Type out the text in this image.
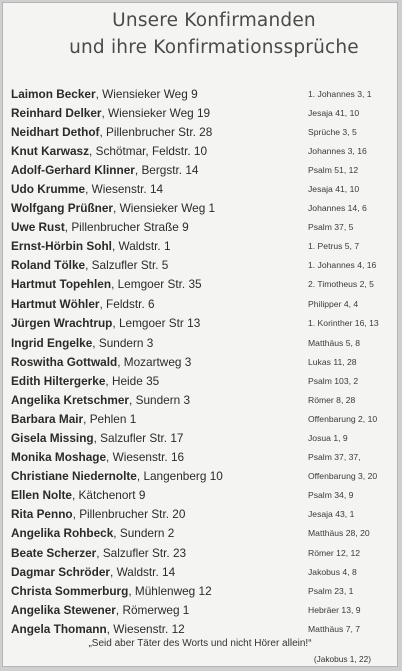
Unsere Konfirmanden
und ihre Konfirmationssprüche
Laimon Becker, Wiensieker Weg 9	1. Johannes 3, 1
Reinhard Delker, Wiensieker Weg 19	Jesaja 41, 10
Neidhart Dethof, Pillenbrucher Str. 28	Sprüche 3, 5
Knut Karwasz, Schötmar, Feldstr. 10	Johannes 3, 16
Adolf-Gerhard Klinner, Bergstr. 14	Psalm 51, 12
Udo Krumme, Wiesenstr. 14	Jesaja 41, 10
Wolfgang Prüßner, Wiensieker Weg 1	Johannes 14, 6
Uwe Rust, Pillenbrucher Straße 9	Psalm 37, 5
Ernst-Hörbin Sohl, Waldstr. 1	1. Petrus 5, 7
Roland Tölke, Salzufler Str. 5	1. Johannes 4, 16
Hartmut Topehlen, Lemgoer Str. 35	2. Timotheus 2, 5
Hartmut Wöhler, Feldstr. 6	Philipper 4, 4
Jürgen Wrachtrup, Lemgoer Str 13	1. Korinther 16, 13
Ingrid Engelke, Sundern 3	Matthäus 5, 8
Roswitha Gottwald, Mozartweg 3	Lukas 11, 28
Edith Hiltergerke, Heide 35	Psalm 103, 2
Angelika Kretschmer, Sundern 3	Römer 8, 28
Barbara Mair, Pehlen 1	Offenbarung 2, 10
Gisela Missing, Salzufler Str. 17	Josua 1, 9
Monika Moshage, Wiesenstr. 16	Psalm 37, 37,
Christiane Niedernolte, Langenberg 10	Offenbarung 3, 20
Ellen Nolte, Kätchenort 9	Psalm 34, 9
Rita Penno, Pillenbrucher Str. 20	Jesaja 43, 1
Angelika Rohbeck, Sundern 2	Matthäus 28, 20
Beate Scherzer, Salzufler Str. 23	Römer 12, 12
Dagmar Schröder, Waldstr. 14	Jakobus 4, 8
Christa Sommerburg, Mühlenweg 12	Psalm 23, 1
Angelika Stewener, Römerweg 1	Hebräer 13, 9
Angela Thomann, Wiesenstr. 12	Matthäus 7, 7
„Seid aber Täter des Worts und nicht Hörer allein!“
(Jakobus 1, 22)
